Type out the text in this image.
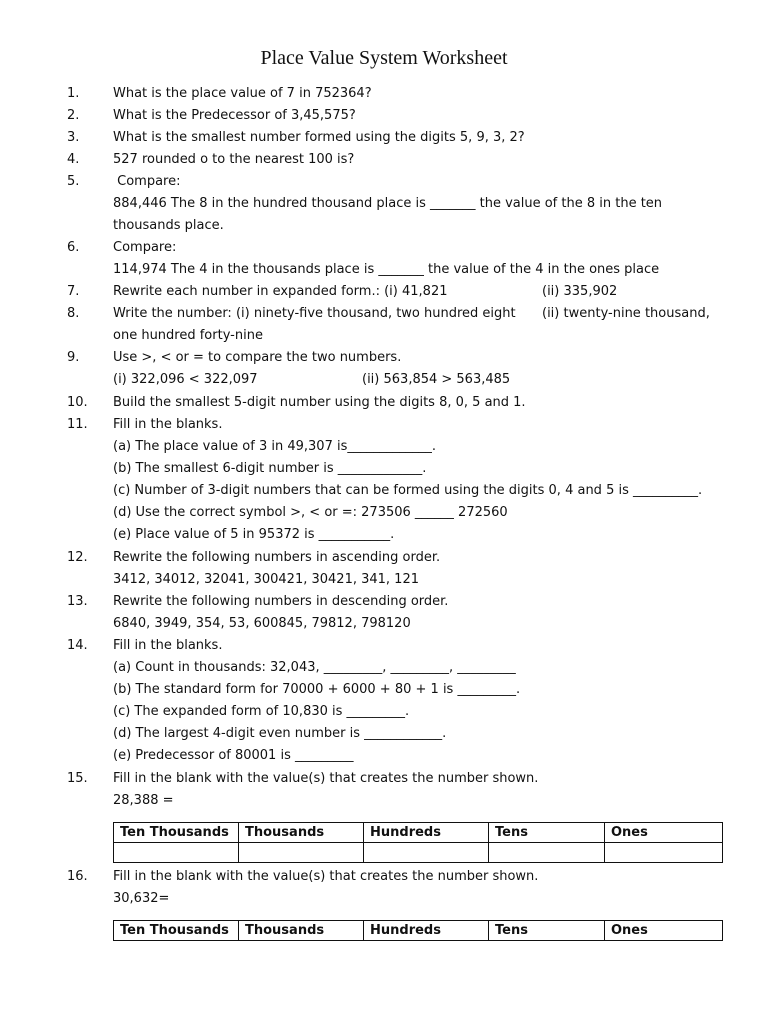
Place Value System Worksheet
1.	What is the place value of 7 in 752364?
2.	What is the Predecessor of 3,45,575?
3.	What is the smallest number formed using the digits 5, 9, 3, 2?
4.	527 rounded o to the nearest 100 is?
5.	Compare:
884,446 The 8 in the hundred thousand place is _______ the value of the 8 in the ten
thousands place.
6.	Compare:
114,974 The 4 in the thousands place is _______ the value of the 4 in the ones place
7.	Rewrite each number in expanded form.: (i) 41,821	(ii) 335,902
8.	Write the number: (i) ninety-five thousand, two hundred eight	(ii) twenty-nine thousand,
one hundred forty-nine
9.	Use >, < or = to compare the two numbers.
(i) 322,096 < 322,097	(ii) 563,854 > 563,485
10.	Build the smallest 5-digit number using the digits 8, 0, 5 and 1.
11.	Fill in the blanks.
(a) The place value of 3 in 49,307 is_____________.
(b) The smallest 6-digit number is _____________.
(c) Number of 3-digit numbers that can be formed using the digits 0, 4 and 5 is __________.
(d) Use the correct symbol >, < or =: 273506 ______ 272560
(e) Place value of 5 in 95372 is ___________.
12.	Rewrite the following numbers in ascending order.
3412, 34012, 32041, 300421, 30421, 341, 121
13.	Rewrite the following numbers in descending order.
6840, 3949, 354, 53, 600845, 79812, 798120
14.	Fill in the blanks.
(a) Count in thousands: 32,043, _________, _________, _________
(b) The standard form for 70000 + 6000 + 80 + 1 is _________.
(c) The expanded form of 10,830 is _________.
(d) The largest 4-digit even number is ____________.
(e) Predecessor of 80001 is _________
15.	Fill in the blank with the value(s) that creates the number shown.
28,388 =
Ten Thousands	Thousands	Hundreds	Tens	Ones

16.	Fill in the blank with the value(s) that creates the number shown.
30,632=
Ten Thousands	Thousands	Hundreds	Tens	Ones
